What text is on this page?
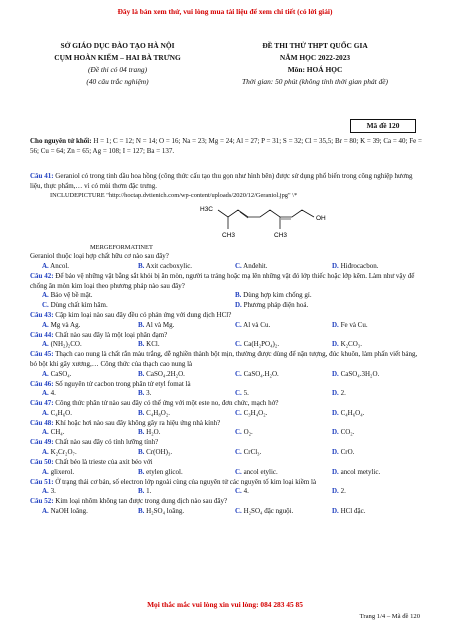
Đây là bản xem thử, vui lòng mua tài liệu để xem chi tiết (có lời giải)
SỞ GIÁO DỤC ĐÀO TẠO HÀ NỘI
CỤM HOÀN KIẾM – HAI BÀ TRƯNG
(Đề thi có 04 trang)
(40 câu trắc nghiệm)
ĐỀ THI THỬ THPT QUỐC GIA
NĂM HỌC 2022-2023
Môn: HOÁ HỌC
Thời gian: 50 phút (không tính thời gian phát đề)
Mã đề 120
Cho nguyên tử khối: H = 1; C = 12; N = 14; O = 16; Na = 23; Mg = 24; Al = 27; P = 31; S = 32; Cl = 35,5; Br = 80; K = 39; Ca = 40; Fe = 56; Cu = 64; Zn = 65; Ag = 108; I = 127; Ba = 137.
Câu 41: Geraniol có trong tinh dầu hoa hồng (công thức cấu tạo thu gọn như hình bên) được sử dụng phổ biến trong công nghiệp hương liệu, thực phẩm,… vì có mùi thơm đặc trưng.
INCLUDEPICTURE "http://hoctap.dvtienich.com/wp-content/uploads/2020/12/Geraniol.jpg" \*
H3C
CH3	CH3
OH
MERGEFORMATINET
Geraniol thuộc loại hợp chất hữu cơ nào sau đây?
A. Ancol.	B. Axit cacboxylic.	C. Anđehit.	D. Hiđrocacbon.
Câu 42: Để bảo vệ những vật bằng sắt khỏi bị ăn mòn, người ta tráng hoặc mạ lên những vật đó lớp thiếc hoặc lớp kẽm. Làm như vậy để chống ăn mòn kim loại theo phương pháp nào sau đây?
A. Bảo vệ bề mặt.	B. Dùng hợp kim chống gỉ.
C. Dùng chất kìm hãm.	D. Phương pháp điện hoá.
Câu 43: Cặp kim loại nào sau đây đều có phản ứng với dung dịch HCl?
A. Mg và Ag.	B. Al và Mg.	C. Al và Cu.	D. Fe và Cu.
Câu 44: Chất nào sau đây là một loại phân đạm?
A. (NH₂)₂CO.	B. KCl.	C. Ca(H₂PO₄)₂.	D. K₂CO₃.
Câu 45: Thạch cao nung là chất rắn màu trắng, dễ nghiền thành bột mịn, thường được dùng để nặn tượng, đúc khuôn, làm phấn viết bảng, bó bột khi gãy xương,… Công thức của thạch cao nung là
A. CaSO₄.	B. CaSO₄.2H₂O.	C. CaSO₄.H₂O.	D. CaSO₄.3H₂O.
Câu 46: Số nguyên tử cacbon trong phân tử etyl fomat là
A. 4.	B. 3.	C. 5.	D. 2.
Câu 47: Công thức phân tử nào sau đây có thể ứng với một este no, đơn chức, mạch hở?
A. C₄H₆O.	B. C₄H₈O₂.	C. C₃H₄O₂.	D. C₄H₆O₄.
Câu 48: Khí hoặc hơi nào sau đây không gây ra hiệu ứng nhà kính?
A. CH₄.	B. H₂O.	C. O₂.	D. CO₂.
Câu 49: Chất nào sau đây có tính lưỡng tính?
A. K₂Cr₂O₇.	B. Cr(OH)₃.	C. CrCl₃.	D. CrO.
Câu 50: Chất béo là trieste của axit béo với
A. glixerol.	B. etylen glicol.	C. ancol etylic.	D. ancol metylic.
Câu 51: Ở trạng thái cơ bản, số electron lớp ngoài cùng của nguyên tử các nguyên tố kim loại kiềm là
A. 3.	B. 1.	C. 4.	D. 2.
Câu 52: Kim loại nhôm không tan được trong dung dịch nào sau đây?
A. NaOH loãng.	B. H₂SO₄ loãng.	C. H₂SO₄ đặc nguội.	D. HCl đặc.
Mọi thắc mắc vui lòng xin vui lòng: 084 283 45 85
Trang 1/4 – Mã đề 120
